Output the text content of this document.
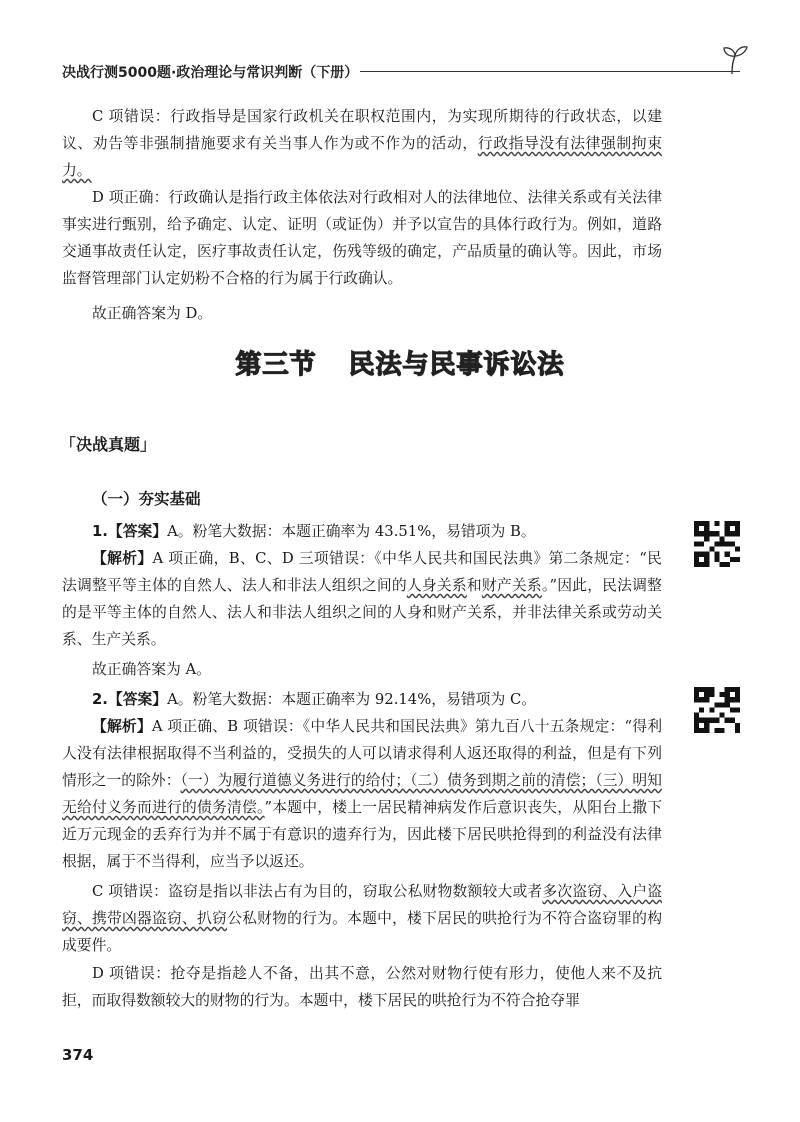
决战行测5000题·政治理论与常识判断（下册）

C 项错误：行政指导是国家行政机关在职权范围内，为实现所期待的行政状态，以建议、劝告等非强制措施要求有关当事人作为或不作为的活动，行政指导没有法律强制拘束力。

D 项正确：行政确认是指行政主体依法对行政相对人的法律地位、法律关系或有关法律事实进行甄别，给予确定、认定、证明（或证伪）并予以宣告的具体行政行为。例如，道路交通事故责任认定，医疗事故责任认定，伤残等级的确定，产品质量的确认等。因此，市场监督管理部门认定奶粉不合格的行为属于行政确认。

故正确答案为 D。

第三节 民法与民事诉讼法
「决战真题」
（一）夯实基础

1.【答案】A。粉笔大数据：本题正确率为 43.51%，易错项为 B。

【解析】A 项正确，B、C、D 三项错误：《中华人民共和国民法典》第二条规定：“民法调整平等主体的自然人、法人和非法人组织之间的人身关系和财产关系。”因此，民法调整的是平等主体的自然人、法人和非法人组织之间的人身和财产关系，并非法律关系或劳动关系、生产关系。

故正确答案为 A。

2.【答案】A。粉笔大数据：本题正确率为 92.14%，易错项为 C。

【解析】A 项正确、B 项错误：《中华人民共和国民法典》第九百八十五条规定：“得利人没有法律根据取得不当利益的，受损失的人可以请求得利人返还取得的利益，但是有下列情形之一的除外：（一）为履行道德义务进行的给付；（二）债务到期之前的清偿；（三）明知无给付义务而进行的债务清偿。”本题中，楼上一居民精神病发作后意识丧失，从阳台上撒下近万元现金的丢弃行为并不属于有意识的遗弃行为，因此楼下居民哄抢得到的利益没有法律根据，属于不当得利，应当予以返还。

C 项错误：盗窃是指以非法占有为目的，窃取公私财物数额较大或者多次盗窃、入户盗窃、携带凶器盗窃、扒窃公私财物的行为。本题中，楼下居民的哄抢行为不符合盗窃罪的构成要件。

D 项错误：抢夺是指趁人不备，出其不意，公然对财物行使有形力，使他人来不及抗拒，而取得数额较大的财物的行为。本题中，楼下居民的哄抢行为不符合抢夺罪

374
